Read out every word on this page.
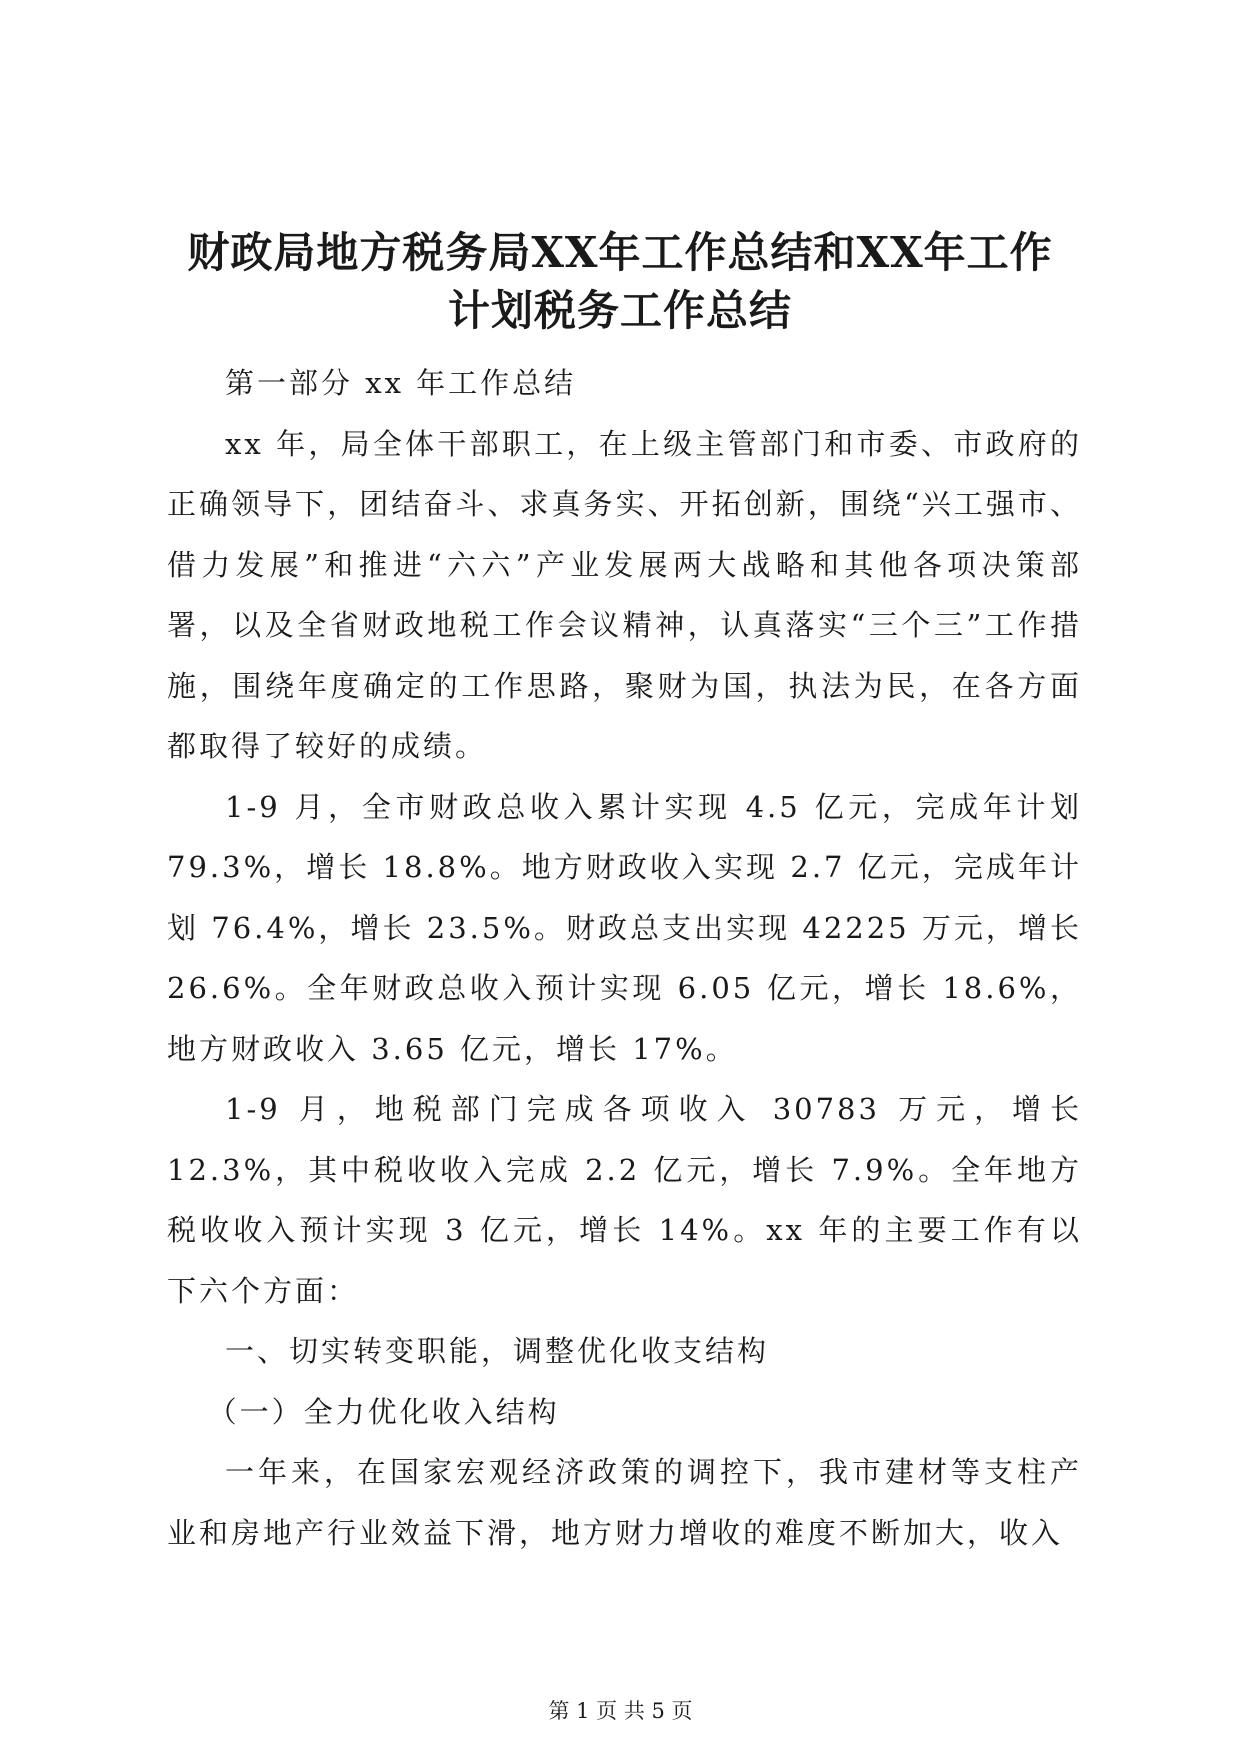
财政局地方税务局XX年工作总结和XX年工作
计划税务工作总结

第一部分 xx 年工作总结

xx 年，局全体干部职工，在上级主管部门和市委、市政府的正确领导下，团结奋斗、求真务实、开拓创新，围绕“兴工强市、借力发展”和推进“六六”产业发展两大战略和其他各项决策部署，以及全省财政地税工作会议精神，认真落实“三个三”工作措施，围绕年度确定的工作思路，聚财为国，执法为民，在各方面都取得了较好的成绩。

1-9 月，全市财政总收入累计实现 4.5 亿元，完成年计划 79.3%，增长 18.8%。地方财政收入实现 2.7 亿元，完成年计划 76.4%，增长 23.5%。财政总支出实现 42225 万元，增长 26.6%。全年财政总收入预计实现 6.05 亿元，增长 18.6%，地方财政收入 3.65 亿元，增长 17%。

1-9 月，地税部门完成各项收入 30783 万元，增长 12.3%，其中税收收入完成 2.2 亿元，增长 7.9%。全年地方税收收入预计实现 3 亿元，增长 14%。xx 年的主要工作有以下六个方面：

一、切实转变职能，调整优化收支结构

（一）全力优化收入结构

一年来，在国家宏观经济政策的调控下，我市建材等支柱产业和房地产行业效益下滑，地方财力增收的难度不断加大，收入

第 1 页 共 5 页
